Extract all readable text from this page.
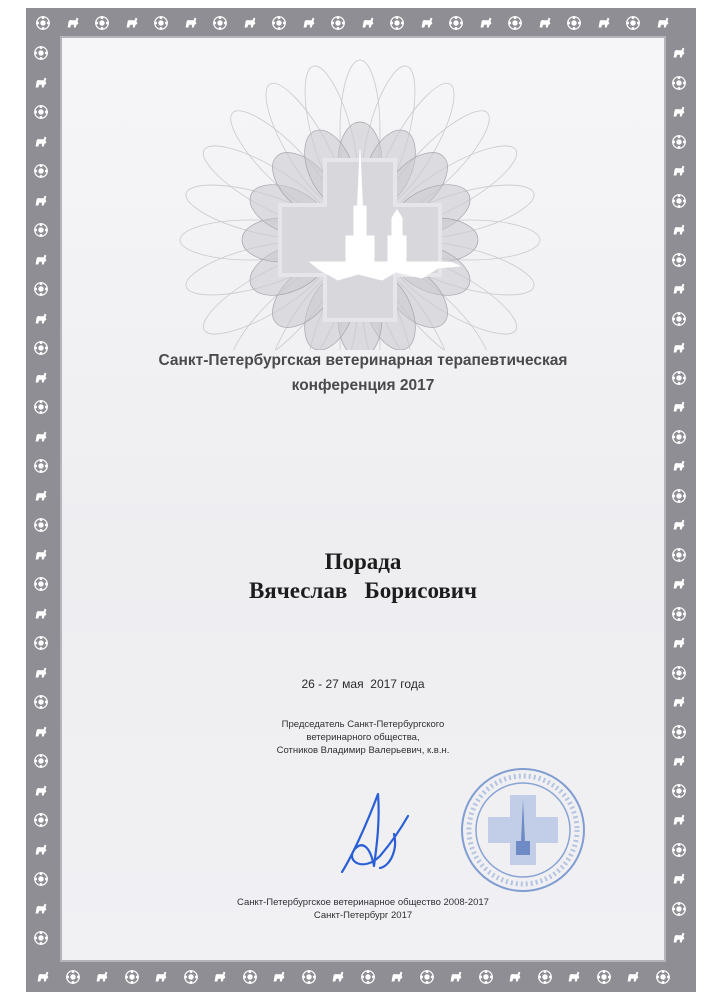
Санкт-Петербургская ветеринарная терапевтическая
конференция 2017
Порада
Вячеслав   Борисович
26 - 27 мая  2017 года
Председатель Санкт-Петербургского
ветеринарного общества,
Сотников Владимир Валерьевич, к.в.н.
Санкт-Петербургское ветеринарное общество 2008-2017
Санкт-Петербург 2017
